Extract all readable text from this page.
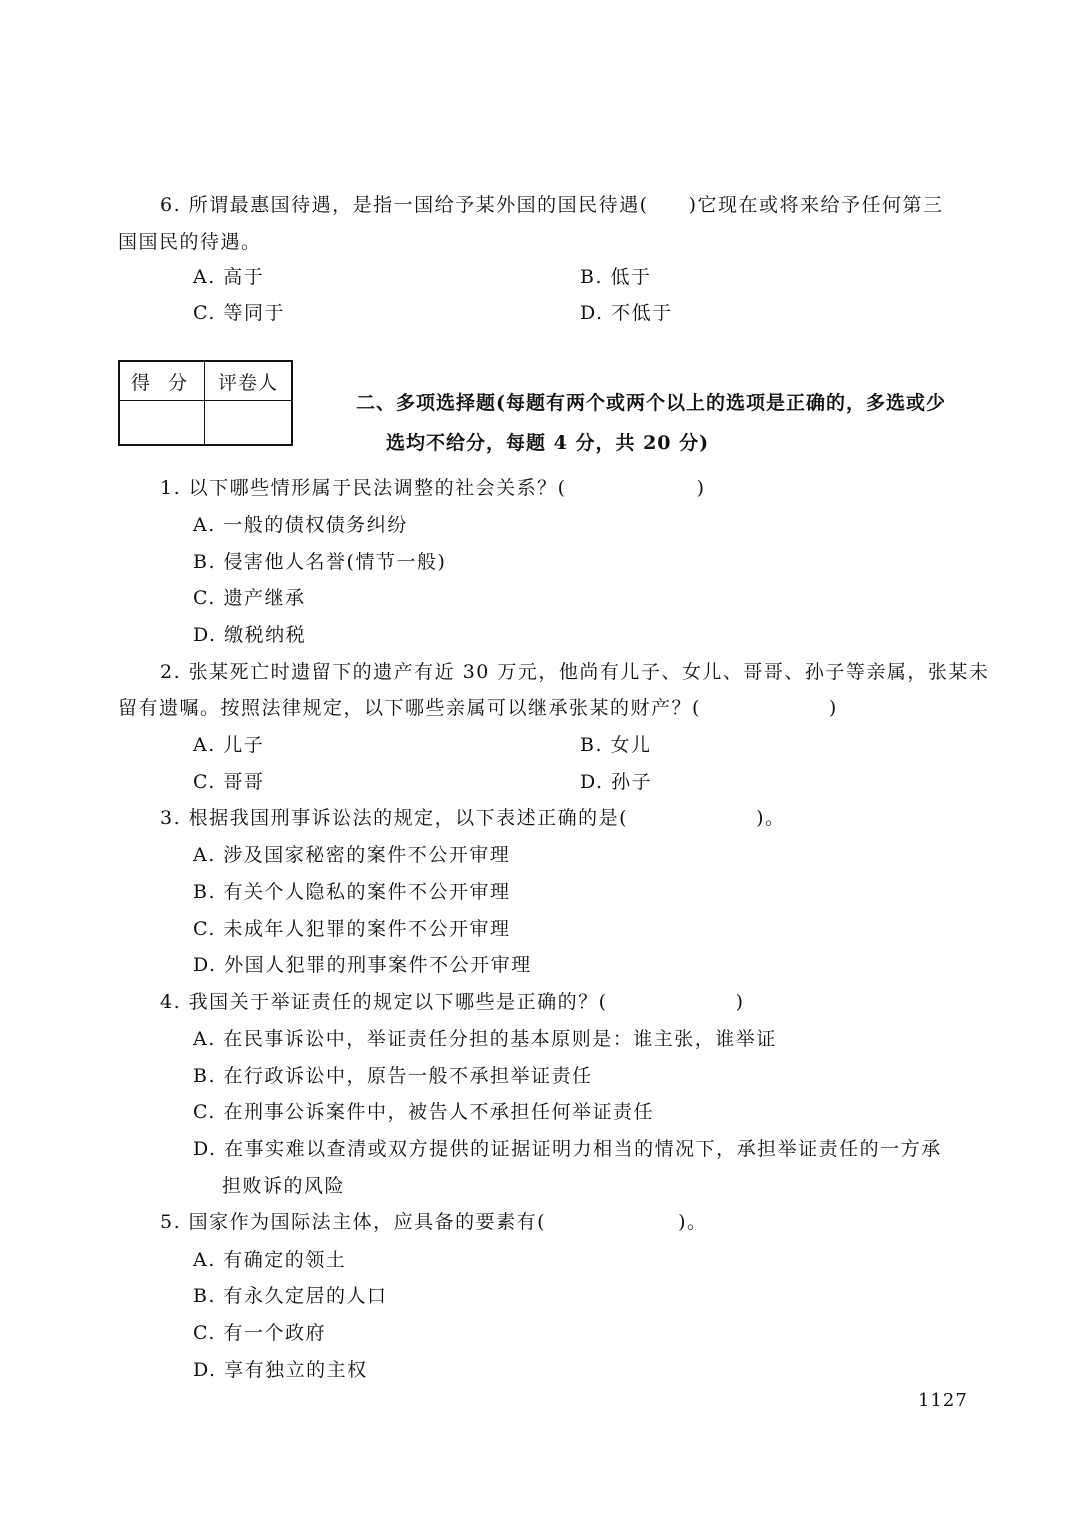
6. 所谓最惠国待遇，是指一国给予某外国的国民待遇( )它现在或将来给予任何第三
国国民的待遇。
A. 高于	B. 低于
C. 等同于	D. 不低于
得 分	评卷人

二、多项选择题(每题有两个或两个以上的选项是正确的，多选或少
选均不给分，每题 4 分，共 20 分)
1. 以下哪些情形属于民法调整的社会关系？(	)
A. 一般的债权债务纠纷
B. 侵害他人名誉(情节一般)
C. 遗产继承
D. 缴税纳税
2. 张某死亡时遗留下的遗产有近 30 万元，他尚有儿子、女儿、哥哥、孙子等亲属，张某未
留有遗嘱。按照法律规定，以下哪些亲属可以继承张某的财产？(	)
A. 儿子	B. 女儿
C. 哥哥	D. 孙子
3. 根据我国刑事诉讼法的规定，以下表述正确的是(	)。
A. 涉及国家秘密的案件不公开审理
B. 有关个人隐私的案件不公开审理
C. 未成年人犯罪的案件不公开审理
D. 外国人犯罪的刑事案件不公开审理
4. 我国关于举证责任的规定以下哪些是正确的？(	)
A. 在民事诉讼中，举证责任分担的基本原则是：谁主张，谁举证
B. 在行政诉讼中，原告一般不承担举证责任
C. 在刑事公诉案件中，被告人不承担任何举证责任
D. 在事实难以查清或双方提供的证据证明力相当的情况下，承担举证责任的一方承
担败诉的风险
5. 国家作为国际法主体，应具备的要素有(	)。
A. 有确定的领土
B. 有永久定居的人口
C. 有一个政府
D. 享有独立的主权
1127
